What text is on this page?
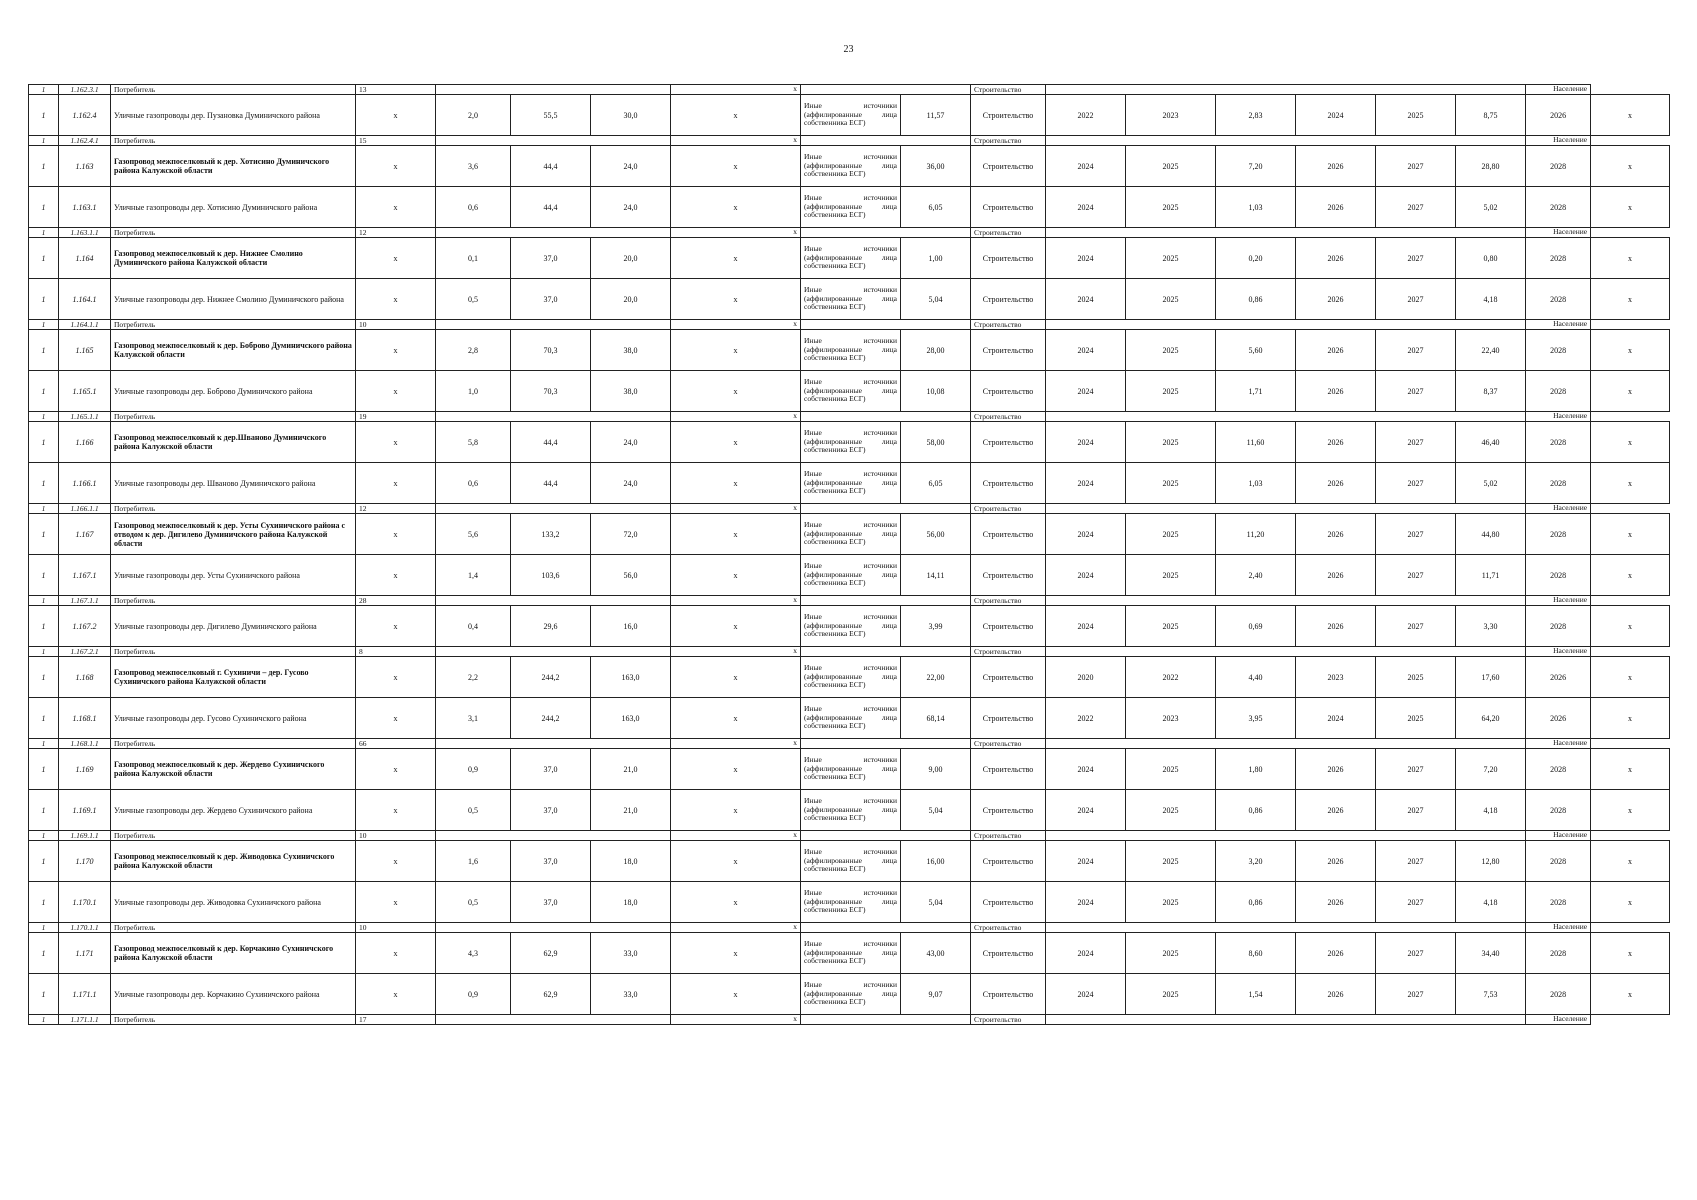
23
1	1.162.3.1	Потребитель	13				x			Строительство							Население	
1	1.162.4	Уличные газопроводы дер. Пузановка Думиничского района	x	2,0	55,5	30,0	x	Иные источники (аффилированные лица собственника ЕСГ)	11,57	Строительство	2022	2023	2,83	2024	2025	8,75	2026	x
1	1.162.4.1	Потребитель	15				x			Строительство							Население	
1	1.163	Газопровод межпоселковый к дер. Хотисино Думиничского района Калужской области	x	3,6	44,4	24,0	x	Иные источники (аффилированные лица собственника ЕСГ)	36,00	Строительство	2024	2025	7,20	2026	2027	28,80	2028	x
1	1.163.1	Уличные газопроводы дер. Хотисино Думиничского района	x	0,6	44,4	24,0	x	Иные источники (аффилированные лица собственника ЕСГ)	6,05	Строительство	2024	2025	1,03	2026	2027	5,02	2028	x
1	1.163.1.1	Потребитель	12				x			Строительство							Население	
1	1.164	Газопровод межпоселковый к дер. Нижнее Смолино Думиничского района Калужской области	x	0,1	37,0	20,0	x	Иные источники (аффилированные лица собственника ЕСГ)	1,00	Строительство	2024	2025	0,20	2026	2027	0,80	2028	x
1	1.164.1	Уличные газопроводы дер. Нижнее Смолино Думиничского района	x	0,5	37,0	20,0	x	Иные источники (аффилированные лица собственника ЕСГ)	5,04	Строительство	2024	2025	0,86	2026	2027	4,18	2028	x
1	1.164.1.1	Потребитель	10				x			Строительство							Население	
1	1.165	Газопровод межпоселковый к дер. Боброво Думиничского района Калужской области	x	2,8	70,3	38,0	x	Иные источники (аффилированные лица собственника ЕСГ)	28,00	Строительство	2024	2025	5,60	2026	2027	22,40	2028	x
1	1.165.1	Уличные газопроводы дер. Боброво Думиничского района	x	1,0	70,3	38,0	x	Иные источники (аффилированные лица собственника ЕСГ)	10,08	Строительство	2024	2025	1,71	2026	2027	8,37	2028	x
1	1.165.1.1	Потребитель	19				x			Строительство							Население	
1	1.166	Газопровод межпоселковый к дер.Шваново Думиничского района Калужской области	x	5,8	44,4	24,0	x	Иные источники (аффилированные лица собственника ЕСГ)	58,00	Строительство	2024	2025	11,60	2026	2027	46,40	2028	x
1	1.166.1	Уличные газопроводы дер. Шваново Думиничского района	x	0,6	44,4	24,0	x	Иные источники (аффилированные лица собственника ЕСГ)	6,05	Строительство	2024	2025	1,03	2026	2027	5,02	2028	x
1	1.166.1.1	Потребитель	12				x			Строительство							Население	
1	1.167	Газопровод межпоселковый к дер. Усты Сухиничского района с отводом к дер. Дигилево Думиничского района Калужской области	x	5,6	133,2	72,0	x	Иные источники (аффилированные лица собственника ЕСГ)	56,00	Строительство	2024	2025	11,20	2026	2027	44,80	2028	x
1	1.167.1	Уличные газопроводы дер. Усты Сухиничского района	x	1,4	103,6	56,0	x	Иные источники (аффилированные лица собственника ЕСГ)	14,11	Строительство	2024	2025	2,40	2026	2027	11,71	2028	x
1	1.167.1.1	Потребитель	28				x			Строительство							Население	
1	1.167.2	Уличные газопроводы дер. Дигилево Думиничского района	x	0,4	29,6	16,0	x	Иные источники (аффилированные лица собственника ЕСГ)	3,99	Строительство	2024	2025	0,69	2026	2027	3,30	2028	x
1	1.167.2.1	Потребитель	8				x			Строительство							Население	
1	1.168	Газопровод межпоселковый г. Сухиничи – дер. Гусово Сухиничского района Калужской области	x	2,2	244,2	163,0	x	Иные источники (аффилированные лица собственника ЕСГ)	22,00	Строительство	2020	2022	4,40	2023	2025	17,60	2026	x
1	1.168.1	Уличные газопроводы дер. Гусово Сухиничского района	x	3,1	244,2	163,0	x	Иные источники (аффилированные лица собственника ЕСГ)	68,14	Строительство	2022	2023	3,95	2024	2025	64,20	2026	x
1	1.168.1.1	Потребитель	66				x			Строительство							Население	
1	1.169	Газопровод межпоселковый к дер. Жердево Сухиничского района Калужской области	x	0,9	37,0	21,0	x	Иные источники (аффилированные лица собственника ЕСГ)	9,00	Строительство	2024	2025	1,80	2026	2027	7,20	2028	x
1	1.169.1	Уличные газопроводы дер. Жердево Сухиничского района	x	0,5	37,0	21,0	x	Иные источники (аффилированные лица собственника ЕСГ)	5,04	Строительство	2024	2025	0,86	2026	2027	4,18	2028	x
1	1.169.1.1	Потребитель	10				x			Строительство							Население	
1	1.170	Газопровод межпоселковый к дер. Живодовка Сухиничского района Калужской области	x	1,6	37,0	18,0	x	Иные источники (аффилированные лица собственника ЕСГ)	16,00	Строительство	2024	2025	3,20	2026	2027	12,80	2028	x
1	1.170.1	Уличные газопроводы дер. Живодовка Сухиничского района	x	0,5	37,0	18,0	x	Иные источники (аффилированные лица собственника ЕСГ)	5,04	Строительство	2024	2025	0,86	2026	2027	4,18	2028	x
1	1.170.1.1	Потребитель	10				x			Строительство							Население	
1	1.171	Газопровод межпоселковый к дер. Корчакино Сухиничского района Калужской области	x	4,3	62,9	33,0	x	Иные источники (аффилированные лица собственника ЕСГ)	43,00	Строительство	2024	2025	8,60	2026	2027	34,40	2028	x
1	1.171.1	Уличные газопроводы дер. Корчакино Сухиничского района	x	0,9	62,9	33,0	x	Иные источники (аффилированные лица собственника ЕСГ)	9,07	Строительство	2024	2025	1,54	2026	2027	7,53	2028	x
1	1.171.1.1	Потребитель	17				x			Строительство							Население	
